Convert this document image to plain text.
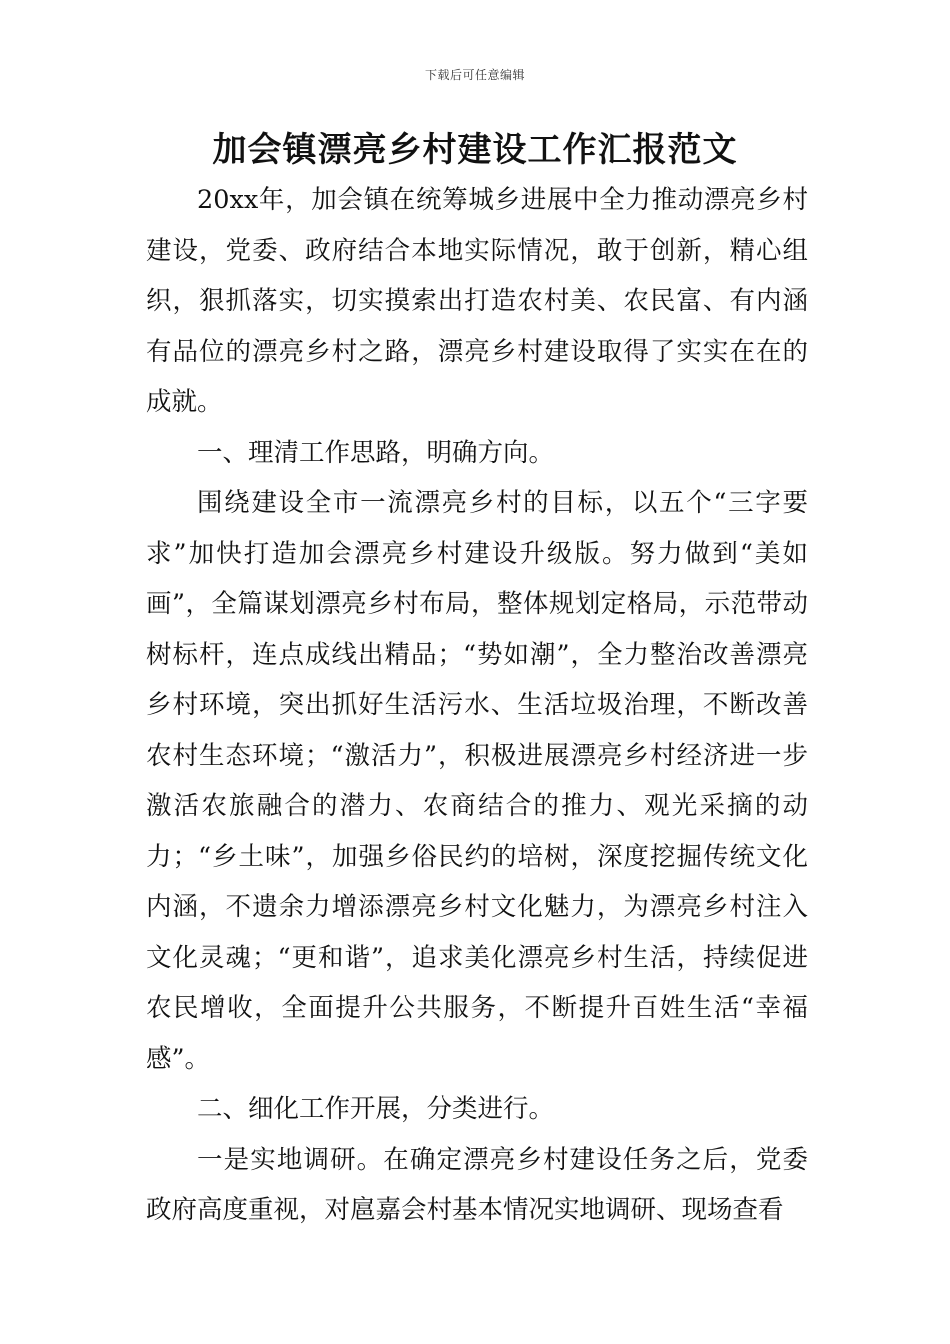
下载后可任意编辑
加会镇漂亮乡村建设工作汇报范文

20xx年，加会镇在统筹城乡进展中全力推动漂亮乡村建设，党委、政府结合本地实际情况，敢于创新，精心组织，狠抓落实，切实摸索出打造农村美、农民富、有内涵有品位的漂亮乡村之路，漂亮乡村建设取得了实实在在的成就。

一、理清工作思路，明确方向。

围绕建设全市一流漂亮乡村的目标，以五个“三字要求”加快打造加会漂亮乡村建设升级版。努力做到“美如画”，全篇谋划漂亮乡村布局，整体规划定格局，示范带动树标杆，连点成线出精品；“势如潮”，全力整治改善漂亮乡村环境，突出抓好生活污水、生活垃圾治理，不断改善农村生态环境；“激活力”，积极进展漂亮乡村经济进一步激活农旅融合的潜力、农商结合的推力、观光采摘的动力；“乡土味”，加强乡俗民约的培树，深度挖掘传统文化内涵，不遗余力增添漂亮乡村文化魅力，为漂亮乡村注入文化灵魂；“更和谐”，追求美化漂亮乡村生活，持续促进农民增收，全面提升公共服务，不断提升百姓生活“幸福感”。

二、细化工作开展，分类进行。

一是实地调研。在确定漂亮乡村建设任务之后，党委政府高度重视，对扈嘉会村基本情况实地调研、现场查看
